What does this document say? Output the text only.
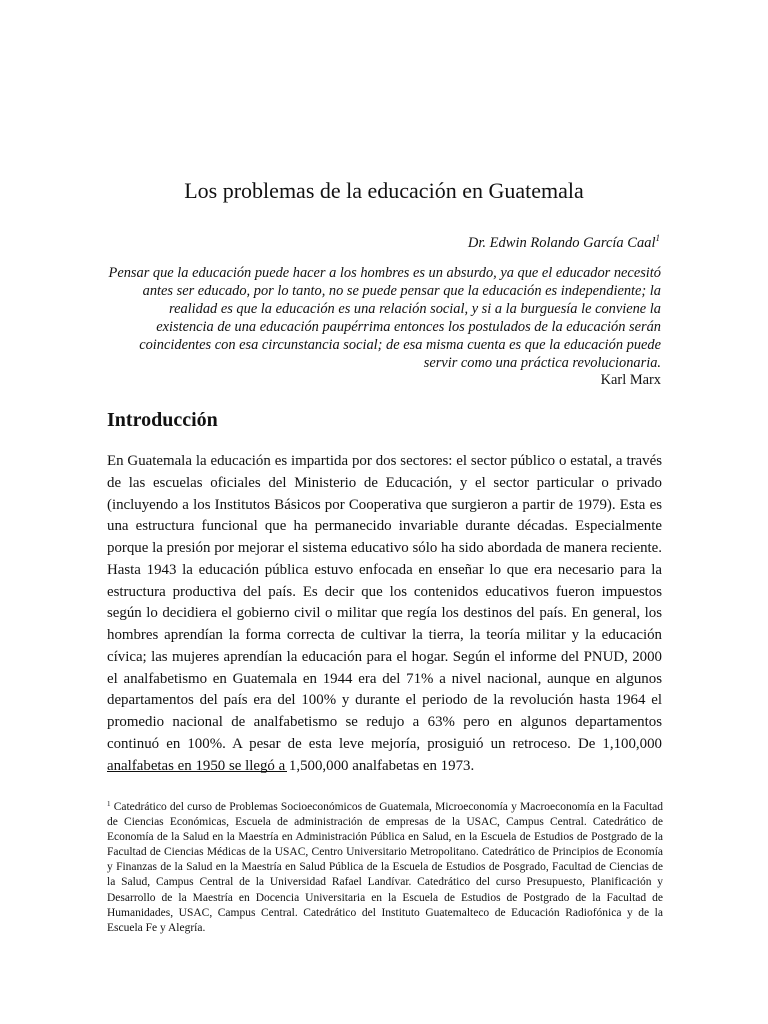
Los problemas de la educación en Guatemala
Dr. Edwin Rolando García Caal$^1$
Pensar que la educación puede hacer a los hombres es un absurdo, ya que el educador necesitó antes ser educado, por lo tanto, no se puede pensar que la educación es independiente; la realidad es que la educación es una relación social, y si a la burguesía le conviene la existencia de una educación paupérrima entonces los postulados de la educación serán coincidentes con esa circunstancia social; de esa misma cuenta es que la educación puede servir como una práctica revolucionaria.
Karl Marx
Introducción
En Guatemala la educación es impartida por dos sectores: el sector público o estatal, a través de las escuelas oficiales del Ministerio de Educación, y el sector particular o privado (incluyendo a los Institutos Básicos por Cooperativa que surgieron a partir de 1979). Esta es una estructura funcional que ha permanecido invariable durante décadas. Especialmente porque la presión por mejorar el sistema educativo sólo ha sido abordada de manera reciente. Hasta 1943 la educación pública estuvo enfocada en enseñar lo que era necesario para la estructura productiva del país. Es decir que los contenidos educativos fueron impuestos según lo decidiera el gobierno civil o militar que regía los destinos del país. En general, los hombres aprendían la forma correcta de cultivar la tierra, la teoría militar y la educación cívica; las mujeres aprendían la educación para el hogar. Según el informe del PNUD, 2000 el analfabetismo en Guatemala en 1944 era del 71% a nivel nacional, aunque en algunos departamentos del país era del 100% y durante el periodo de la revolución hasta 1964 el promedio nacional de analfabetismo se redujo a 63% pero en algunos departamentos continuó en 100%. A pesar de esta leve mejoría, prosiguió un retroceso. De 1,100,000 analfabetas en 1950 se llegó a 1,500,000 analfabetas en 1973.
$^1$ Catedrático del curso de Problemas Socioeconómicos de Guatemala, Microeconomía y Macroeconomía en la Facultad de Ciencias Económicas, Escuela de administración de empresas de la USAC, Campus Central. Catedrático de Economía de la Salud en la Maestría en Administración Pública en Salud, en la Escuela de Estudios de Postgrado de la Facultad de Ciencias Médicas de la USAC, Centro Universitario Metropolitano. Catedrático de Principios de Economía y Finanzas de la Salud en la Maestría en Salud Pública de la Escuela de Estudios de Posgrado, Facultad de Ciencias de la Salud, Campus Central de la Universidad Rafael Landívar. Catedrático del curso Presupuesto, Planificación y Desarrollo de la Maestría en Docencia Universitaria en la Escuela de Estudios de Postgrado de la Facultad de Humanidades, USAC, Campus Central. Catedrático del Instituto Guatemalteco de Educación Radiofónica y de la Escuela Fe y Alegría.
